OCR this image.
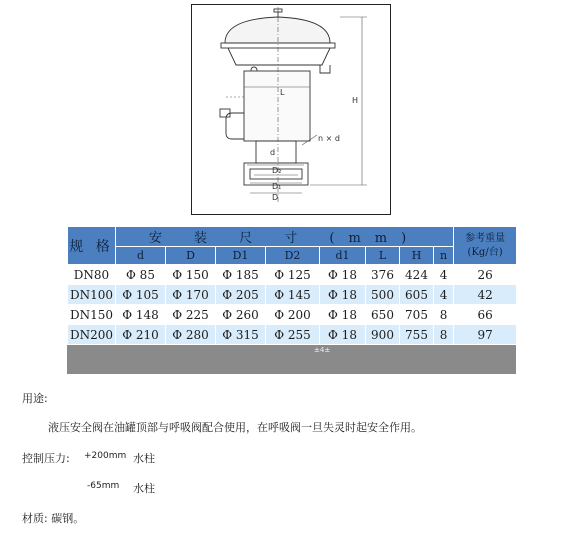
L
H
n × d
d
D₂
D₁
D
规 格	安 装 尺 寸 (mm)								参考重量
(Kg/台)

	d	D	D1	D2	d1	L	H	n	
DN80	Φ 85	Φ 150	Φ 185	Φ 125	Φ 18	376	424	4	26
DN100	Φ 105	Φ 170	Φ 205	Φ 145	Φ 18	500	605	4	42
DN150	Φ 148	Φ 225	Φ 260	Φ 200	Φ 18	650	705	8	66
DN200	Φ 210	Φ 280	Φ 315	Φ 255	Φ 18	900	755	8	97
±4±
用途:
液压安全阀在油罐顶部与呼吸阀配合使用，在呼吸阀一旦失灵时起安全作用。
控制压力: +200mm 水柱
-65mm 水柱
材质: 碳钢。
